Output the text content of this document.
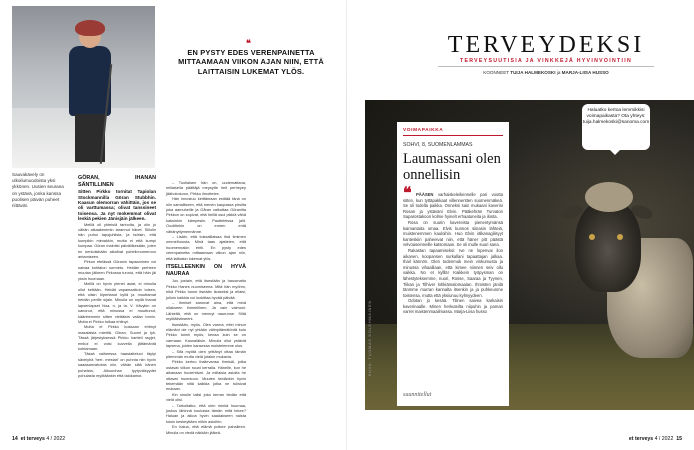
Sauvakävely on ulkoilumuodoista yksi ykkönen. Uusien seurana on ystävä, jonka kanssa puolisen päivän puheet riittävät.
GÖRAN, IHANAN SÄNTILLINEN

Sitten Pirkko tornitat Tapiolan Stockmannilla Göran Stubbhin. Kaasun olemorran vähittäin, jos se oli varttumassa; olivat tanssineet toisensa. Ja nyt mokemmat olivat leskiä pekien Jänisjäin jälkeen.

Meillä oli yhteisiä tarinoita, ja olin jo vähän aikaakemmin tarannut hänet. Sillolin hän puhui tapojuhlista, ja tsötsin, että kumpikin mimakkin, mutta ei että kumpi kumpaa. Göran mainitsi päiväliikesään, joten en kerkoisikään aikalhat puhelinnumeroon antamiseen.

Pirkon etelässä Göranin tapaaminen vol saivaa kohtalon sormetu. Heidän perheen muutan jälkeen Pirkossa tunnut, että häin jäi yksin huomaan.

Meillä on hyvin pienet asiat, ei minulla ollut kettään. Heidät vapamaaltoin toisen, että olisin löpertanut kyllä ja muuttamat heidän perille sijain. Minulla on myllä ihanat lapsenlapset Noa, n. ja Ia. V. Vävykin on sanonut, että minussa ei muuttunut, käänttemmin sitten viettäisin vallan tomin. Mutta ei Pirkko tolkaa ehtinyt.

Mutta ei Pirkko koskaan ehtinyt masalaisia miettiä. Göran, Suomi ja tyk. Tässä järjestyksessä Pirkko hartteli ssyjet, emkoi ei voisi kuvvella jättämäntä kohtamaan.

Tässä vaiheessa haastatteluni täytyi sävelyhä 'herr- mestari' on puhnta niin hyvin saadaanvahoida niin, vähän siitä hänen puheista, Alkuunhan tyytyväisyydet pohulasta myötäänkin että talokamut.

❝
EN PYSTY EDES VERENPAINETTA MITTAAMAAN VIIKON AJAN NIIN, ETTÄ LAITTAISIN LUKEMAT YLÖS.

– Tuollaisen hän on, uudemattana, millaisella päättäjä meysytte heit perheyey jäähokokoon, Pirkko ilmottelee.

Hän innostuu keittämaan esittää tänä on niin samalliseen, että menen kaupassa pirsilta joka aamuheille ja Gåran vaikuttaa Göranilta Pirkkon on sopivat, että heillä osui pikkiä vähä kaksinkin kämpesiin. Paotteleissa jalit. Ooolitiekin on ennen entä vähänyttymennänne.

– Lisäin, että toissalllaisaa itsä ilmimen ommelhuusta. Minä taas ajattelen, että huomennakin ehtii. En pysty edes verenpainetta mittaamaan viikon ajan niin, että laittaisin lukemat ylös.

ITSELLEENKIN ON HYVÄ NAURAA

Joo jostain, että itsestään ja hauomattu Pirkko Hanes nuomiseena. Mitä hän myöhm, eikä Pirkko tunne itseään ikoiseksi ja ellaisi, jolloin kaikkia voi luokittaa hyvää päivää.

– Ihmiset sanovat aina, että minä ollakseen ihmeellinen. Ja vain vaimoni. Lähteltä, että on mennyt naurunne. Siitä myötäiivikseeni.

Itsestään, myös. Olen varma, ettei minun elämäni ole nyt yhtään välinpitämätöntä kuin Pirkko toimii myös, kenaa kuin se on varmaan. Kaunaiäisin. Minulla ollut ystäviä lapsena, joiden kansessa muistelemme ulos.

– Sitä myötä olen yrittänyt ottaa tämän pitemmän mutta vielä jotakin mukavia.

Pirkko kertoo ihailevansa ihmisiä, jotka ostavat viikon ruuat kerralla. Hänelle, kun he aikanaan huolehtivat. Ja millaisia asioita he ottavat huomioon. Muuten teidänkin hyvin tekemään niitä kaikkia jotka ne tulisivat mukaan.

Kin sinulle talisi joka kerran tiedän että vielä olisi.

– Tarkoitatko, että olen minkä huomaa, joskus lähinnä kouluista tämän mitä tekee? Haluan ja aikoa hyvin saadakseen naista toisin keskeyttäen niihin asioihin.

En halua, että elämä poikee pahalleen. Minulla on viedä näkkäin jälkeä.

14 et terveys 4 / 2022
TERVEYDEKSI
TERVEYSUUTISIA JA VINKKEJÄ HYVINVOINTIIN
KOONNEET TUIJA HALMEKOSKI ja MARJA-LIISA HUSSO
KUVA: TUOMAS KOLEHMAINEN
Haluatko kertoa lemmikkisi voimapaikasta? Ota yhteys: tuija.halmekoski@sanoma.com
VOIMAPAIKKA
SOHVI, 8, SUOMENLAMMAS
Laumassani olen onnellisin
❝	PÄÄSEN varhaiskeleikennelle pari vuotta sitten, kun tyttäpakkaat villennentten suomenmäkeä. Se oli todella paikka. Onneksi sain mukaani kaverini Rosan ja ystäväni Elvin. Pääkehrän Turvaton Saparostakoon kolme hyinelt erhaatuneita ja ilosta.

Rosa on suurin kavereista pienentymänsä kaimantaita omaa. Elvis kunnos siinasin lähteiä, muistenemmen kauloihin. Huo Elvin iälkanagilisyyt kanteskiin paheeivat niin, että häner pitt päästä velvoaseinneille katsomaan. Se oli mulle suuri sana.

Rakastan tapaamiseksi: Ive ne lopenvai ilon aikanen, koopansen surkallani tapaattajan jalkaa. Ihail kännön. Olen todenmuk mein vinkumusta ja minussa vihaalilaan, että kimee niinnen seiv ollu vaikka. No et kylllä! Kaikkein työpysman on lähestyteksemme, nuori, Rosse, Saaraa ja Tyynen, Tiikan ja Tilhiver lohkiämalomaalan. Ihmisten jänilä tänmme murran kannalta itsenkin ja ja puhkeunme toistensa, mutta että yksiunuu kylmyydeen.

Odotan jo kesää. Tilinen saivea karkaisin kaverinaalle. Minen herkuteilta niipuhin ja paman varret maistenmaailmassa. Marja-Liisa husso

suunnitellut
et terveys 4 / 2022 15
